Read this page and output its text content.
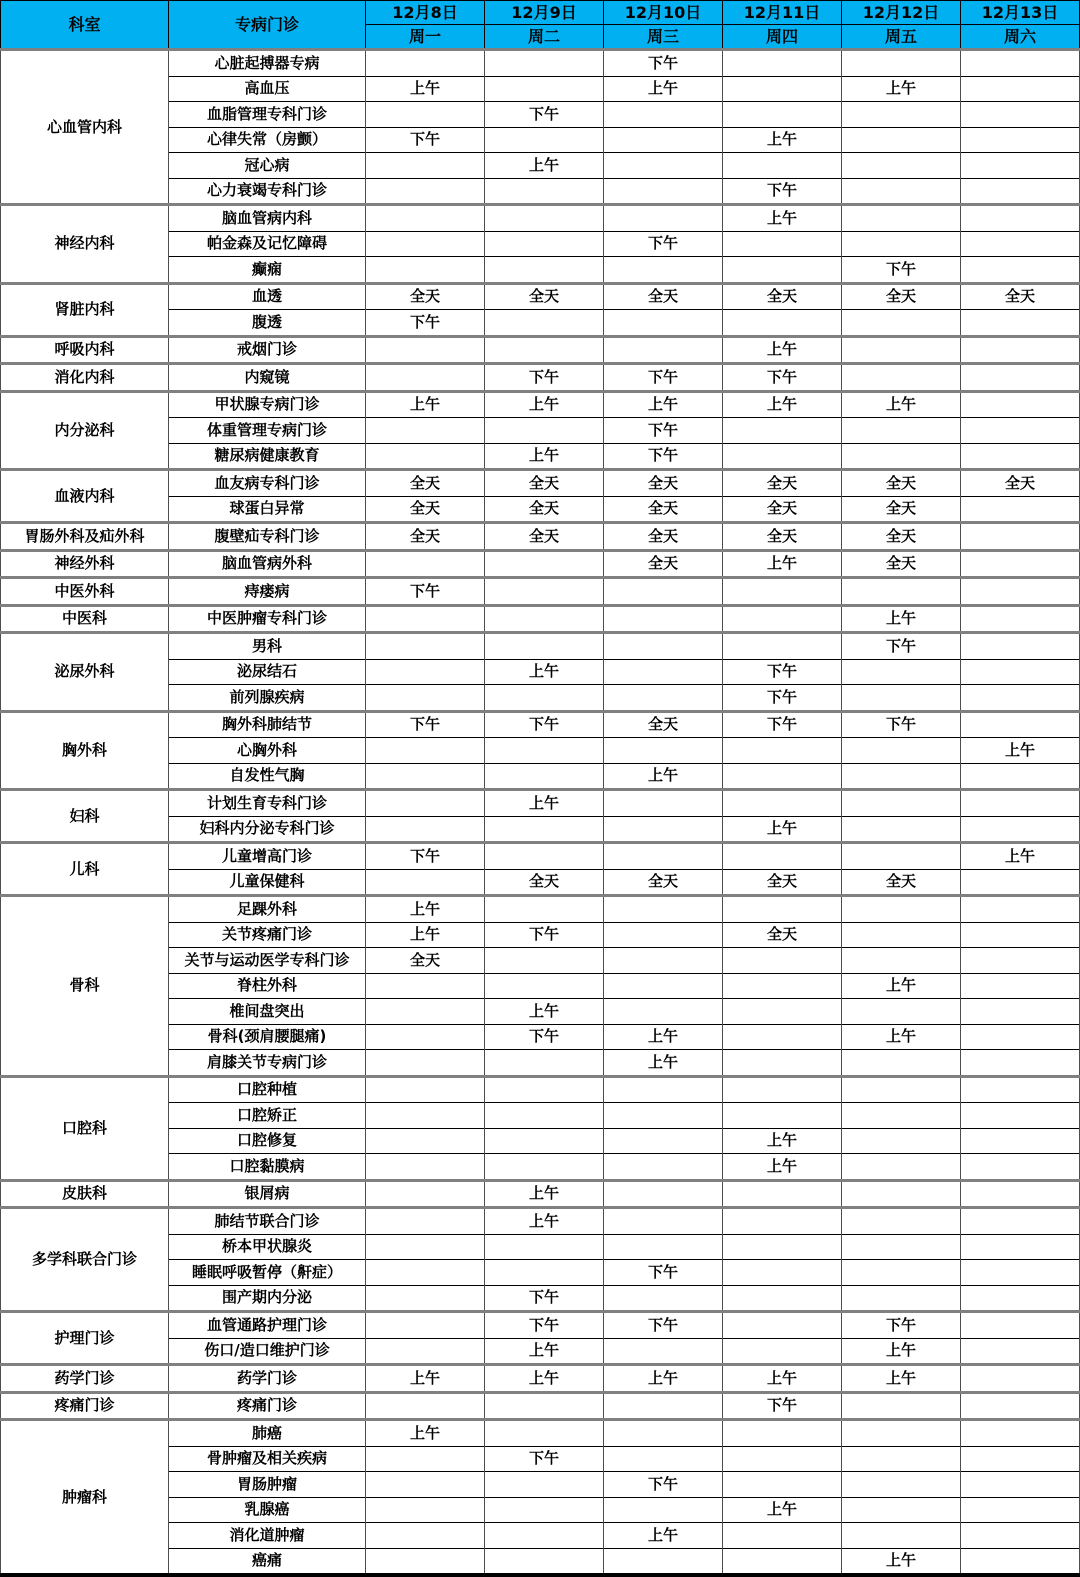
科室	专病门诊	12月8日	12月9日	12月10日	12月11日	12月12日	12月13日
		周一	周二	周三	周四	周五	周六
心血管内科	心脏起搏器专病			下午			
	高血压	上午		上午		上午	
	血脂管理专科门诊		下午				
	心律失常（房颤）	下午			上午		
	冠心病		上午				
	心力衰竭专科门诊				下午		
神经内科	脑血管病内科				上午		
	帕金森及记忆障碍			下午			
	癫痫					下午	
肾脏内科	血透	全天	全天	全天	全天	全天	全天
	腹透	下午					
呼吸内科	戒烟门诊				上午		
消化内科	内窥镜		下午	下午	下午		
内分泌科	甲状腺专病门诊	上午	上午	上午	上午	上午	
	体重管理专病门诊			下午			
	糖尿病健康教育		上午	下午			
血液内科	血友病专科门诊	全天	全天	全天	全天	全天	全天
	球蛋白异常	全天	全天	全天	全天	全天	
胃肠外科及疝外科	腹壁疝专科门诊	全天	全天	全天	全天	全天	
神经外科	脑血管病外科			全天	上午	全天	
中医外科	痔瘘病	下午					
中医科	中医肿瘤专科门诊					上午	
泌尿外科	男科					下午	
	泌尿结石		上午		下午		
	前列腺疾病				下午		
胸外科	胸外科肺结节	下午	下午	全天	下午	下午	
	心胸外科						上午
	自发性气胸			上午			
妇科	计划生育专科门诊		上午				
	妇科内分泌专科门诊				上午		
儿科	儿童增高门诊	下午					上午
	儿童保健科		全天	全天	全天	全天	
骨科	足踝外科	上午					
	关节疼痛门诊	上午	下午		全天		
	关节与运动医学专科门诊	全天					
	脊柱外科					上午	
	椎间盘突出		上午				
	骨科(颈肩腰腿痛)		下午	上午		上午	
	肩膝关节专病门诊			上午			
口腔科	口腔种植						
	口腔矫正						
	口腔修复				上午		
	口腔黏膜病				上午		
皮肤科	银屑病		上午				
多学科联合门诊	肺结节联合门诊		上午				
	桥本甲状腺炎						
	睡眠呼吸暂停（鼾症）			下午			
	围产期内分泌		下午				
护理门诊	血管通路护理门诊		下午	下午		下午	
	伤口/造口维护门诊		上午			上午	
药学门诊	药学门诊	上午	上午	上午	上午	上午	
疼痛门诊	疼痛门诊				下午		
肿瘤科	肺癌	上午					
	骨肿瘤及相关疾病		下午				
	胃肠肿瘤			下午			
	乳腺癌				上午		
	消化道肿瘤			上午			
	癌痛					上午	
